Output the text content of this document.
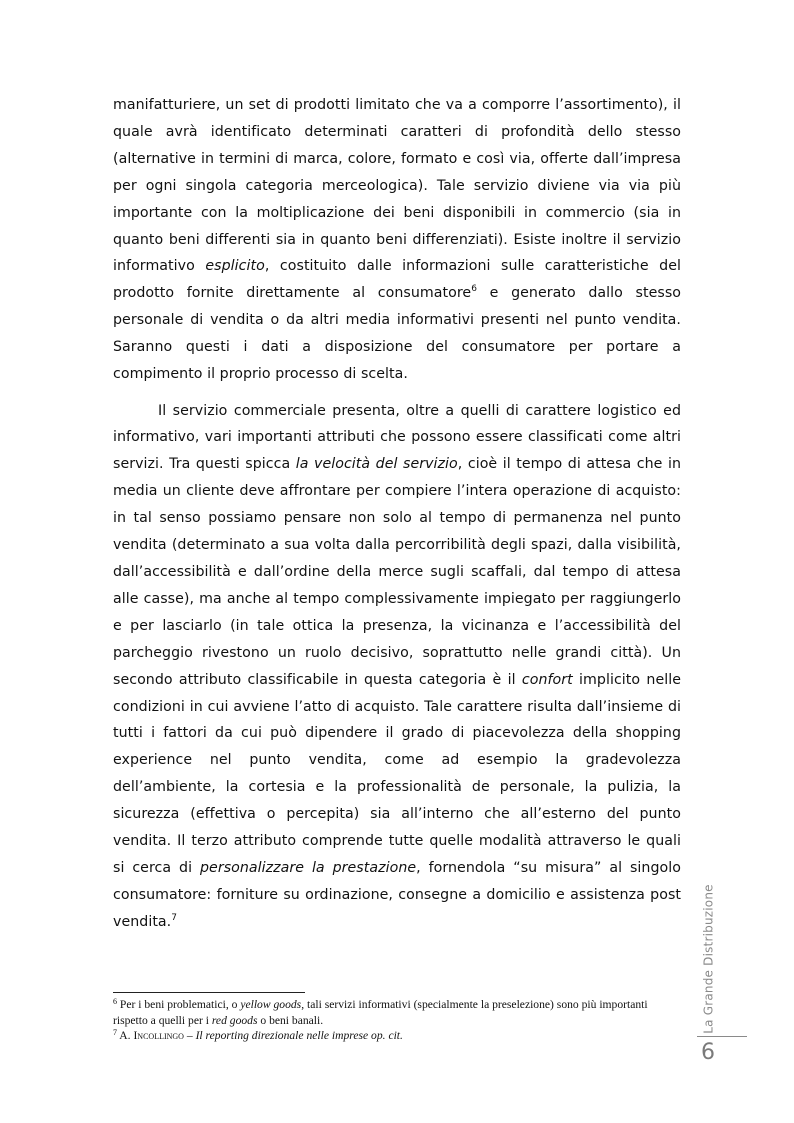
manifatturiere, un set di prodotti limitato che va a comporre l’assortimento), il quale avrà identificato determinati caratteri di profondità dello stesso (alternative in termini di marca, colore, formato e così via, offerte dall’impresa per ogni singola categoria merceologica). Tale servizio diviene via via più importante con la moltiplicazione dei beni disponibili in commercio (sia in quanto beni differenti sia in quanto beni differenziati). Esiste inoltre il servizio informativo esplicito, costituito dalle informazioni sulle caratteristiche del prodotto fornite direttamente al consumatore$^6$ e generato dallo stesso personale di vendita o da altri media informativi presenti nel punto vendita. Saranno questi i dati a disposizione del consumatore per portare a compimento il proprio processo di scelta.

Il servizio commerciale presenta, oltre a quelli di carattere logistico ed informativo, vari importanti attributi che possono essere classificati come altri servizi. Tra questi spicca la velocità del servizio, cioè il tempo di attesa che in media un cliente deve affrontare per compiere l’intera operazione di acquisto: in tal senso possiamo pensare non solo al tempo di permanenza nel punto vendita (determinato a sua volta dalla percorribilità degli spazi, dalla visibilità, dall’accessibilità e dall’ordine della merce sugli scaffali, dal tempo di attesa alle casse), ma anche al tempo complessivamente impiegato per raggiungerlo e per lasciarlo (in tale ottica la presenza, la vicinanza e l’accessibilità del parcheggio rivestono un ruolo decisivo, soprattutto nelle grandi città). Un secondo attributo classificabile in questa categoria è il confort implicito nelle condizioni in cui avviene l’atto di acquisto. Tale carattere risulta dall’insieme di tutti i fattori da cui può dipendere il grado di piacevolezza della shopping experience nel punto vendita, come ad esempio la gradevolezza dell’ambiente, la cortesia e la professionalità de personale, la pulizia, la sicurezza (effettiva o percepita) sia all’interno che all’esterno del punto vendita. Il terzo attributo comprende tutte quelle modalità attraverso le quali si cerca di personalizzare la prestazione, fornendola “su misura” al singolo consumatore: forniture su ordinazione, consegne a domicilio e assistenza post vendita.$^7$

$^6$ Per i beni problematici, o yellow goods, tali servizi informativi (specialmente la preselezione) sono più importanti rispetto a quelli per i red goods o beni banali.

$^7$ A. Incollingo – Il reporting direzionale nelle imprese op. cit.

La Grande Distribuzione
6
